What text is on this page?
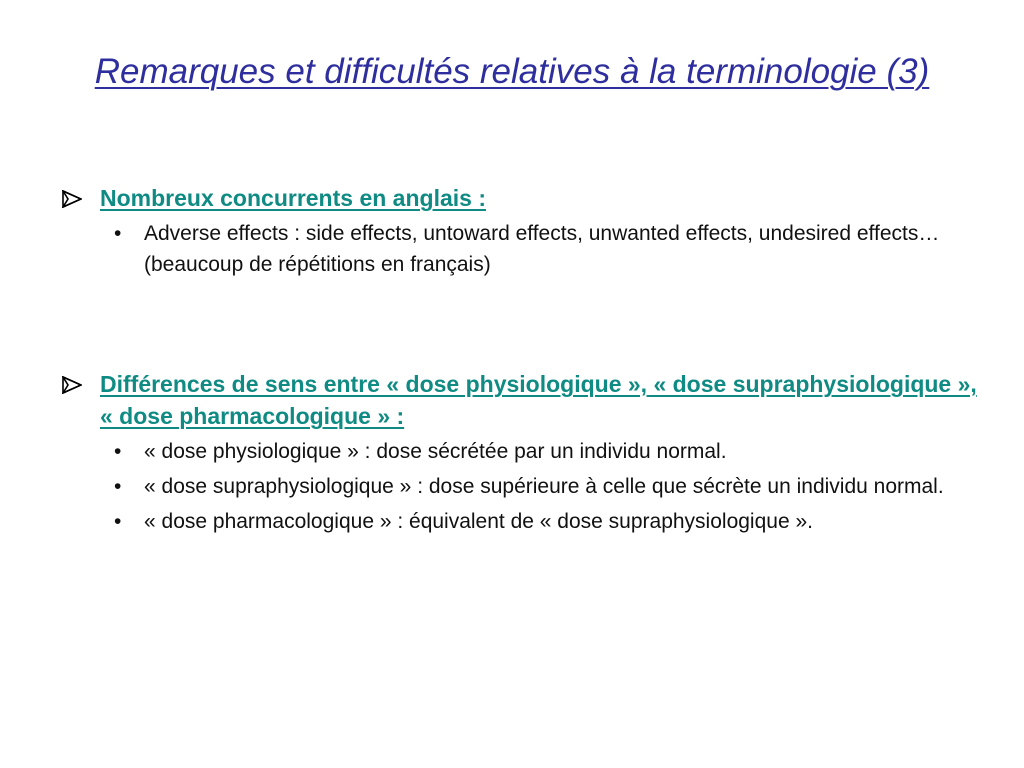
Remarques et difficultés relatives à la terminologie (3)
Nombreux concurrents en anglais :
• Adverse effects : side effects, untoward effects, unwanted effects, undesired effects… (beaucoup de répétitions en français)
Différences de sens entre « dose physiologique », « dose supraphysiologique », « dose pharmacologique » :
• « dose physiologique » : dose sécrétée par un individu normal.
• « dose supraphysiologique » : dose supérieure à celle que sécrète un individu normal.
• « dose pharmacologique » : équivalent de « dose supraphysiologique ».
